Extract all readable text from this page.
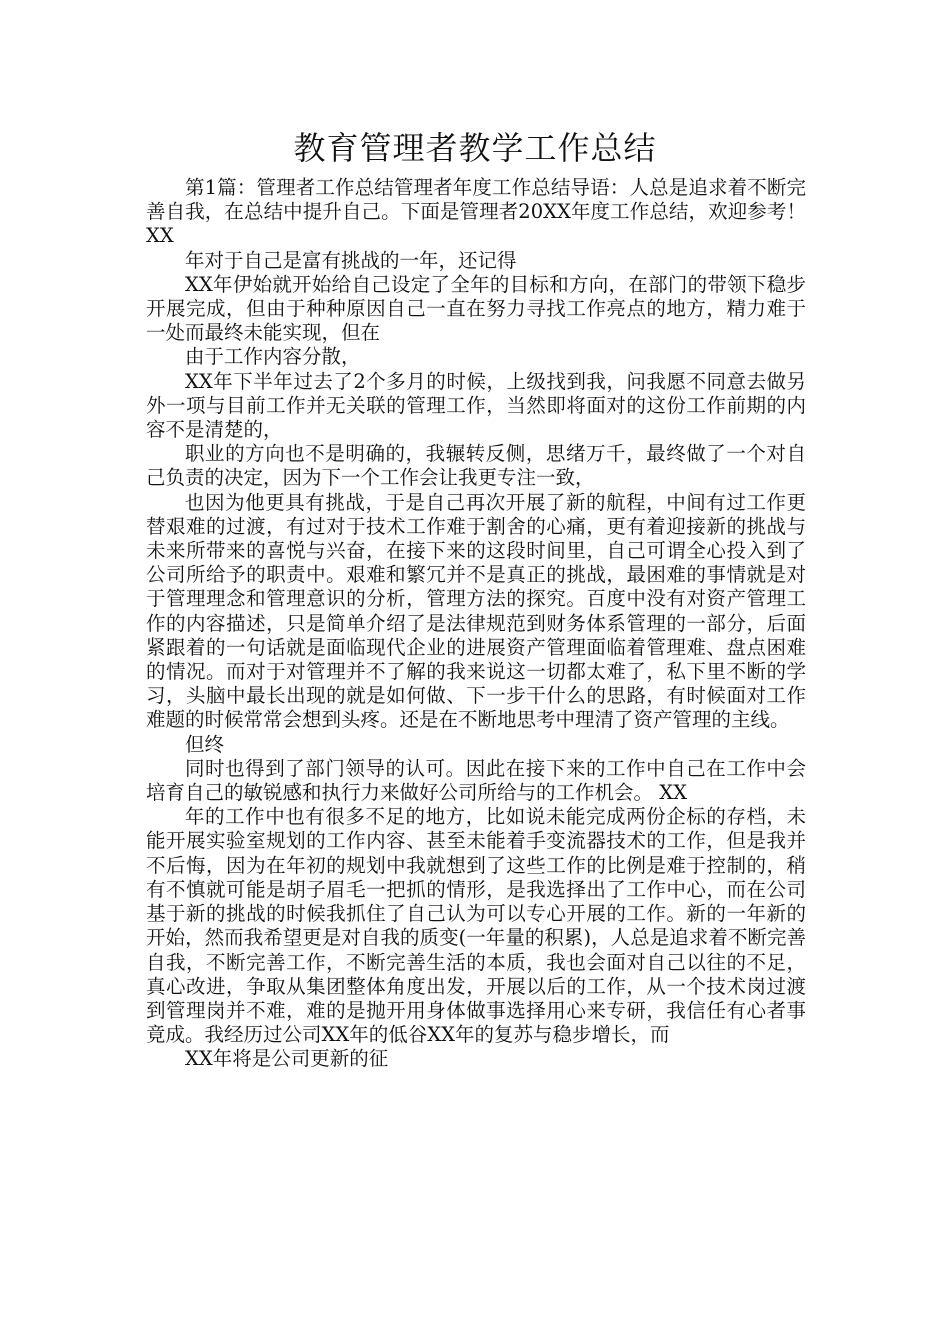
教育管理者教学工作总结

第1篇：管理者工作总结管理者年度工作总结导语：人总是追求着不断完善自我，在总结中提升自己。下面是管理者20XX年度工作总结，欢迎参考！ XX

年对于自己是富有挑战的一年，还记得

XX年伊始就开始给自己设定了全年的目标和方向，在部门的带领下稳步开展完成，但由于种种原因自己一直在努力寻找工作亮点的地方，精力难于一处而最终未能实现，但在

由于工作内容分散，

XX年下半年过去了2个多月的时候，上级找到我，问我愿不同意去做另外一项与目前工作并无关联的管理工作，当然即将面对的这份工作前期的内容不是清楚的，

职业的方向也不是明确的，我辗转反侧，思绪万千，最终做了一个对自己负责的决定，因为下一个工作会让我更专注一致，

也因为他更具有挑战，于是自己再次开展了新的航程，中间有过工作更替艰难的过渡，有过对于技术工作难于割舍的心痛，更有着迎接新的挑战与未来所带来的喜悦与兴奋，在接下来的这段时间里，自己可谓全心投入到了公司所给予的职责中。艰难和繁冗并不是真正的挑战，最困难的事情就是对于管理理念和管理意识的分析，管理方法的探究。百度中没有对资产管理工作的内容描述，只是简单介绍了是法律规范到财务体系管理的一部分，后面紧跟着的一句话就是面临现代企业的进展资产管理面临着管理难、盘点困难的情况。而对于对管理并不了解的我来说这一切都太难了，私下里不断的学习，头脑中最长出现的就是如何做、下一步干什么的思路，有时候面对工作难题的时候常常会想到头疼。还是在不断地思考中理清了资产管理的主线。

但终

同时也得到了部门领导的认可。因此在接下来的工作中自己在工作中会培育自己的敏锐感和执行力来做好公司所给与的工作机会。 XX

年的工作中也有很多不足的地方，比如说未能完成两份企标的存档，未能开展实验室规划的工作内容、甚至未能着手变流器技术的工作，但是我并不后悔，因为在年初的规划中我就想到了这些工作的比例是难于控制的，稍有不慎就可能是胡子眉毛一把抓的情形，是我选择出了工作中心，而在公司基于新的挑战的时候我抓住了自己认为可以专心开展的工作。新的一年新的开始，然而我希望更是对自我的质变(一年量的积累)，人总是追求着不断完善自我，不断完善工作，不断完善生活的本质，我也会面对自己以往的不足，真心改进，争取从集团整体角度出发，开展以后的工作，从一个技术岗过渡到管理岗并不难，难的是抛开用身体做事选择用心来专研，我信任有心者事竟成。我经历过公司XX年的低谷XX年的复苏与稳步增长，而

XX年将是公司更新的征
